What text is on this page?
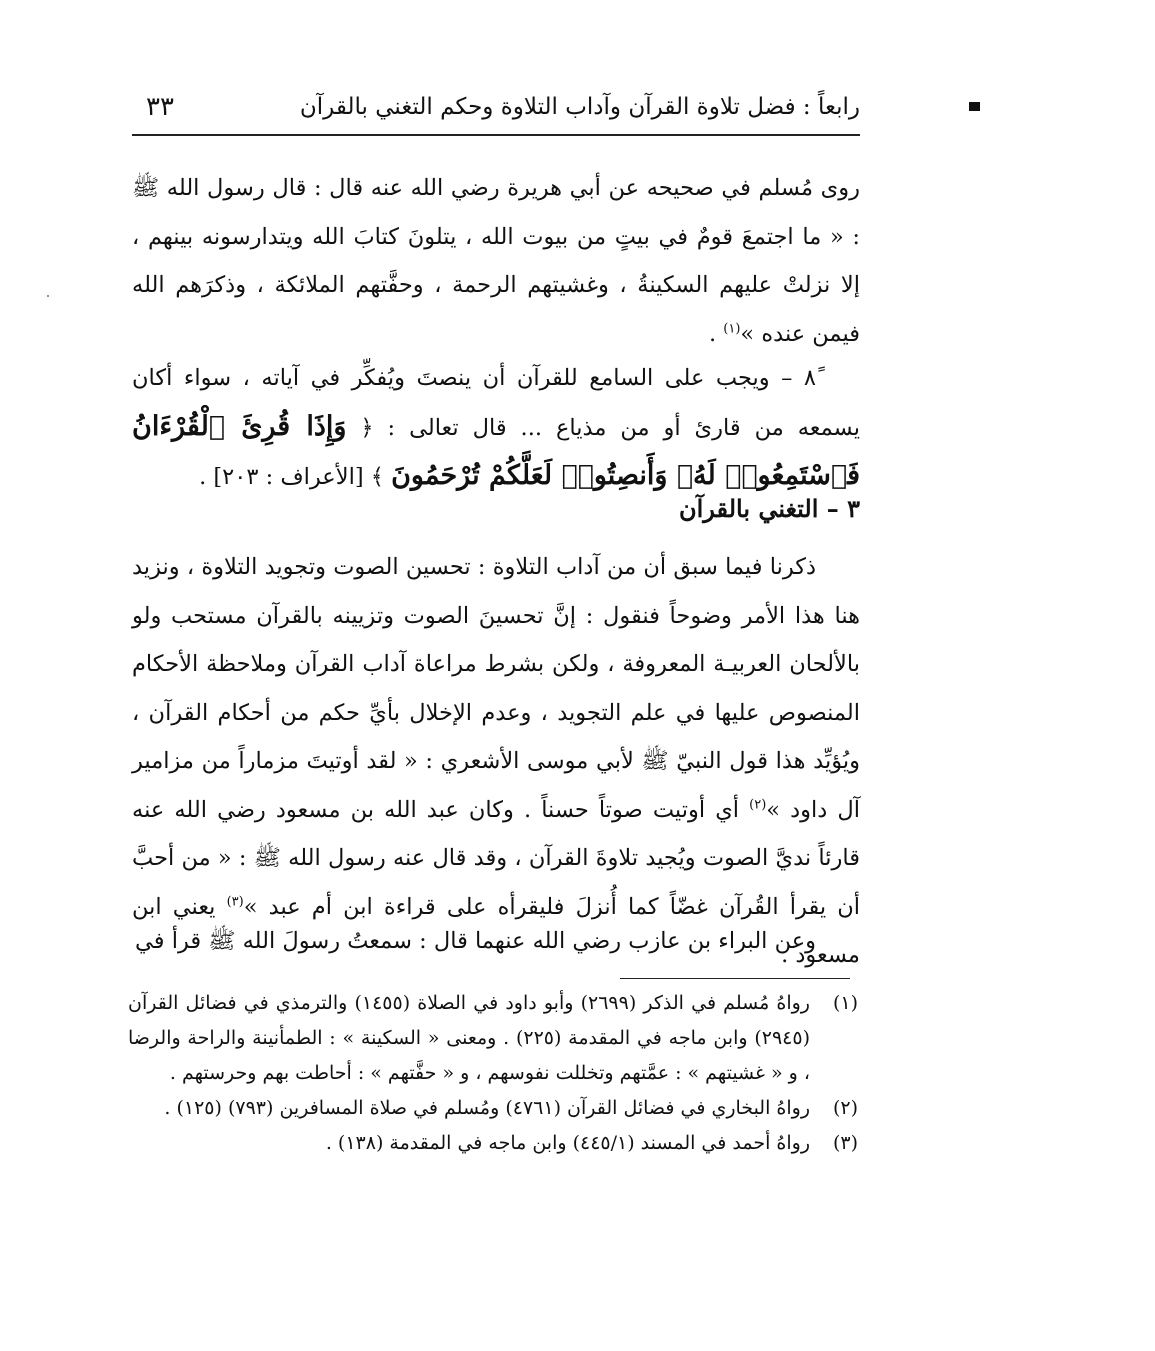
رابعاً : فضل تلاوة القرآن وآداب التلاوة وحكم التغني بالقرآن
٣٣

روى مُسلم في صحيحه عن أبي هريرة رضي الله عنه قال : قال رسول الله ﷺ : « ما اجتمعَ قومٌ في بيتٍ من بيوت الله ، يتلونَ كتابَ الله ويتدارسونه بينهم ، إلا نزلتْ عليهم السكينةُ ، وغشيتهم الرحمة ، وحفَّتهم الملائكة ، وذكرَهم الله فيمن عنده »$^{(١)}$ .

٨ً – ويجب على السامع للقرآن أن ينصتَ ويُفكِّر في آياته ، سواء أكان يسمعه من قارئ أو من مذياع ... قال تعالى : ﴿ وَإِذَا قُرِئَ ٱلْقُرْءَانُ فَٱسْتَمِعُوا۟ لَهُۥ وَأَنصِتُوا۟ لَعَلَّكُمْ تُرْحَمُونَ ﴾ [الأعراف : ٢٠٣] .

٣ – التغني بالقرآن

ذكرنا فيما سبق أن من آداب التلاوة : تحسين الصوت وتجويد التلاوة ، ونزيد هنا هذا الأمر وضوحاً فنقول : إنَّ تحسينَ الصوت وتزيينه بالقرآن مستحب ولو بالألحان العربيـة المعروفة ، ولكن بشرط مراعاة آداب القرآن وملاحظة الأحكام المنصوص عليها في علم التجويد ، وعدم الإخلال بأيِّ حكم من أحكام القرآن ، ويُؤيِّد هذا قول النبيّ ﷺ لأبي موسى الأشعري : « لقد أوتيتَ مزماراً من مزامير آل داود »$^{(٢)}$ أي أوتيت صوتاً حسناً . وكان عبد الله بن مسعود رضي الله عنه قارئاً نديَّ الصوت ويُجيد تلاوةَ القرآن ، وقد قال عنه رسول الله ﷺ : « من أحبَّ أن يقرأ القُرآن غضّاً كما أُنزلَ فليقرأه على قراءة ابن أم عبد »$^{(٣)}$ يعني ابن مسعود .

وعن البراء بن عازب رضي الله عنهما قال : سمعتُ رسولَ الله ﷺ قرأ في

(١)
رواهُ مُسلم في الذكر (٢٦٩٩) وأبو داود في الصلاة (١٤٥٥) والترمذي في فضائل القرآن (٢٩٤٥) وابن ماجه في المقدمة (٢٢٥) . ومعنى « السكينة » : الطمأنينة والراحة والرضا ، و « غشيتهم » : عمَّتهم وتخللت نفوسهم ، و « حفَّتهم » : أحاطت بهم وحرستهم .
(٢)
رواهُ البخاري في فضائل القرآن (٤٧٦١) ومُسلم في صلاة المسافرين (٧٩٣) (١٢٥) .
(٣)
رواهُ أحمد في المسند (٤٤٥/١) وابن ماجه في المقدمة (١٣٨) .
